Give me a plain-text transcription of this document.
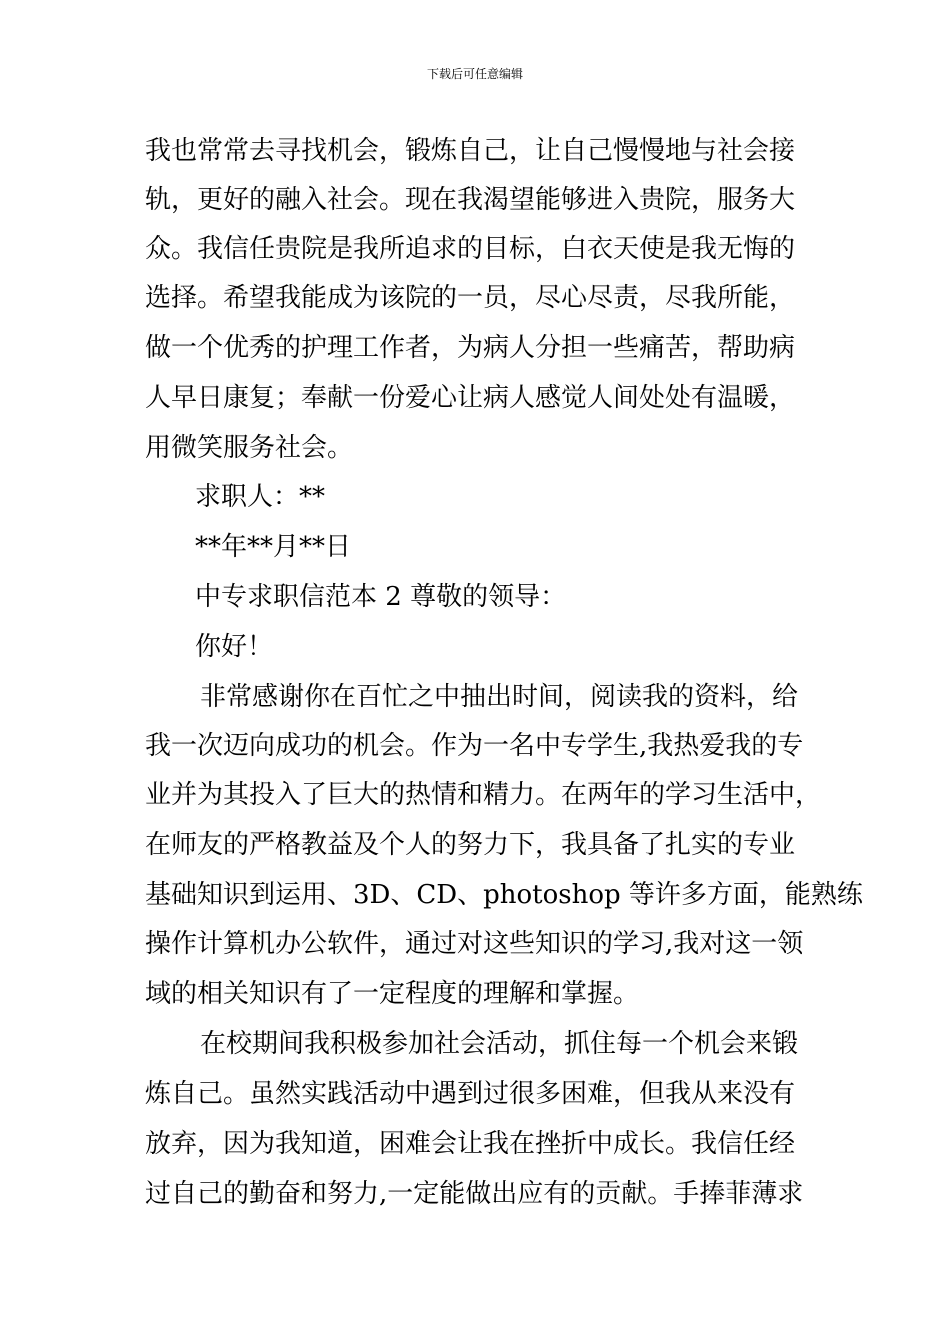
下载后可任意编辑
我也常常去寻找机会，锻炼自己，让自己慢慢地与社会接
轨，更好的融入社会。现在我渴望能够进入贵院，服务大
众。我信任贵院是我所追求的目标，白衣天使是我无悔的
选择。希望我能成为该院的一员，尽心尽责，尽我所能，
做一个优秀的护理工作者，为病人分担一些痛苦，帮助病
人早日康复；奉献一份爱心让病人感觉人间处处有温暖，
用微笑服务社会。
求职人：**
**年**月**日
中专求职信范本 2 尊敬的领导：
你好！
非常感谢你在百忙之中抽出时间，阅读我的资料，给
我一次迈向成功的机会。作为一名中专学生,我热爱我的专
业并为其投入了巨大的热情和精力。在两年的学习生活中，
在师友的严格教益及个人的努力下，我具备了扎实的专业
基础知识到运用、3D、CD、photoshop 等许多方面，能熟练
操作计算机办公软件，通过对这些知识的学习,我对这一领
域的相关知识有了一定程度的理解和掌握。
在校期间我积极参加社会活动，抓住每一个机会来锻
炼自己。虽然实践活动中遇到过很多困难，但我从来没有
放弃，因为我知道，困难会让我在挫折中成长。我信任经
过自己的勤奋和努力,一定能做出应有的贡献。手捧菲薄求
